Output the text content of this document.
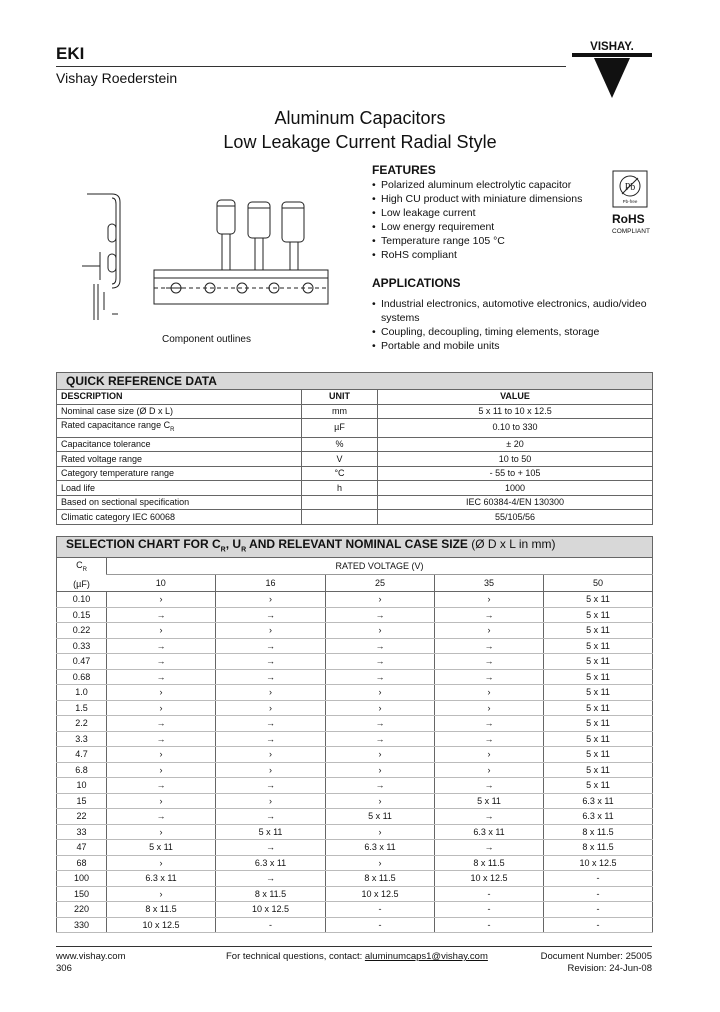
EKI
Vishay Roederstein
VISHAY.
Aluminum Capacitors
Low Leakage Current Radial Style
Component outlines
FEATURES
• Polarized aluminum electrolytic capacitor
• High CU product with miniature dimensions
• Low leakage current
• Low energy requirement
• Temperature range 105 °C
• RoHS compliant
Pb
Pb-free
RoHS
COMPLIANT
APPLICATIONS
• Industrial electronics, automotive electronics, audio/video systems
• Coupling, decoupling, timing elements, storage
• Portable and mobile units
QUICK REFERENCE DATA		
DESCRIPTION	UNIT	VALUE
Nominal case size (Ø D x L)	mm	5 x 11 to 10 x 12.5
Rated capacitance range $C_R$	µF	0.10 to 330
Capacitance tolerance	%	± 20
Rated voltage range	V	10 to 50
Category temperature range	°C	- 55 to + 105
Load life	h	1000
Based on sectional specification		IEC 60384-4/EN 130300
Climatic category IEC 60068		55/105/56
SELECTION CHART FOR $C_R$, $U_R$ AND RELEVANT NOMINAL CASE SIZE (Ø D x L in mm)					
$C_R$
(µF)	RATED VOLTAGE (V)				
	10	16	25	35	50
0.10	›	›	›	›	5 x 11
0.15	→	→	→	→	5 x 11
0.22	›	›	›	›	5 x 11
0.33	→	→	→	→	5 x 11
0.47	→	→	→	→	5 x 11
0.68	→	→	→	→	5 x 11
1.0	›	›	›	›	5 x 11
1.5	›	›	›	›	5 x 11
2.2	→	→	→	→	5 x 11
3.3	→	→	→	→	5 x 11
4.7	›	›	›	›	5 x 11
6.8	›	›	›	›	5 x 11
10	→	→	→	→	5 x 11
15	›	›	›	5 x 11	6.3 x 11
22	→	→	5 x 11	→	6.3 x 11
33	›	5 x 11	›	6.3 x 11	8 x 11.5
47	5 x 11	→	6.3 x 11	→	8 x 11.5
68	›	6.3 x 11	›	8 x 11.5	10 x 12.5
100	6.3 x 11	→	8 x 11.5	10 x 12.5	-
150	›	8 x 11.5	10 x 12.5	-	-
220	8 x 11.5	10 x 12.5	-	-	-
330	10 x 12.5	-	-	-	-
www.vishay.com
306
For technical questions, contact: aluminumcaps1@vishay.com	Document Number: 25005
Revision: 24-Jun-08
